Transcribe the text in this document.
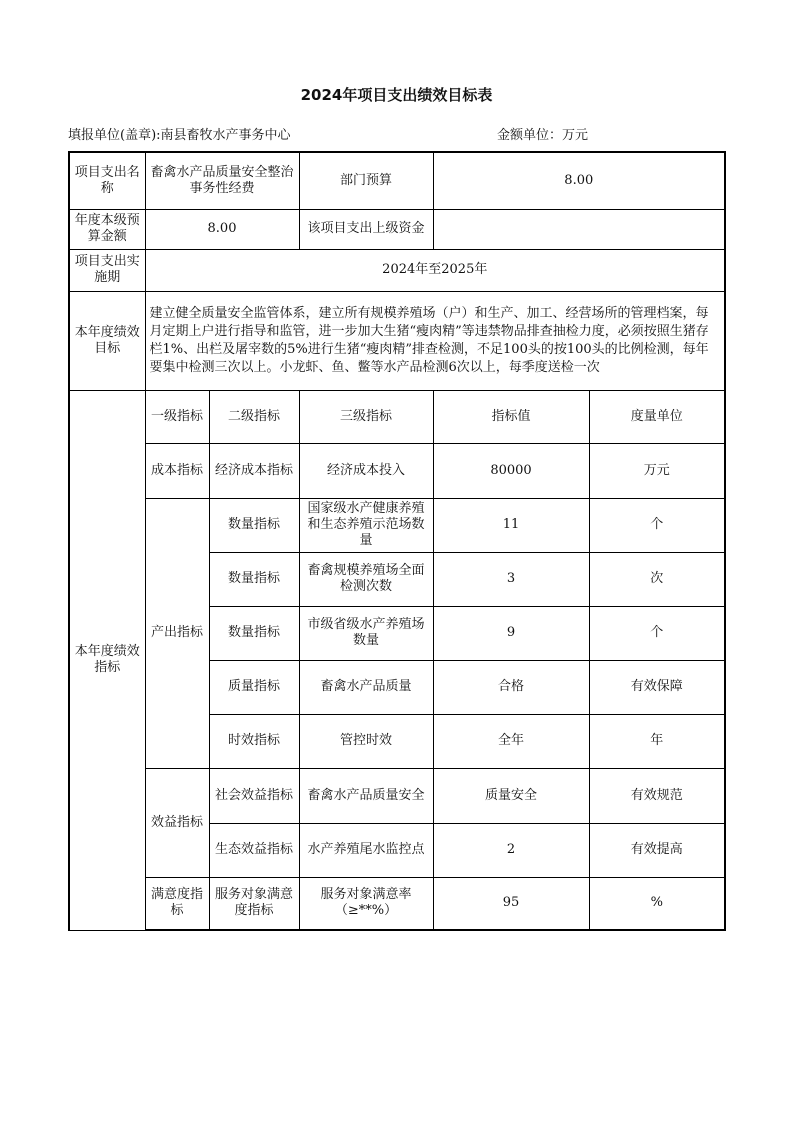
2024年项目支出绩效目标表
填报单位(盖章):南县畜牧水产事务中心	金额单位：万元
项目支出名称	畜禽水产品质量安全整治事务性经费		部门预算	8.00	
年度本级预算金额	8.00		该项目支出上级资金		
项目支出实施期	2024年至2025年				
本年度绩效目标	建立健全质量安全监管体系，建立所有规模养殖场（户）和生产、加工、经营场所的管理档案，每月定期上户进行指导和监管，进一步加大生猪“瘦肉精”等违禁物品排查抽检力度，必须按照生猪存栏1%、出栏及屠宰数的5%进行生猪“瘦肉精”排查检测，不足100头的按100头的比例检测，每年要集中检测三次以上。小龙虾、鱼、鳖等水产品检测6次以上，每季度送检一次				
本年度绩效指标	一级指标	二级指标	三级指标	指标值	度量单位
	成本指标	经济成本指标	经济成本投入	80000	万元
	产出指标	数量指标	国家级水产健康养殖和生态养殖示范场数量	11	个
		数量指标	畜禽规模养殖场全面检测次数	3	次
		数量指标	市级省级水产养殖场数量	9	个
		质量指标	畜禽水产品质量	合格	有效保障
		时效指标	管控时效	全年	年
	效益指标	社会效益指标	畜禽水产品质量安全	质量安全	有效规范
		生态效益指标	水产养殖尾水监控点	2	有效提高
	满意度指标	服务对象满意度指标	服务对象满意率（≥**%）	95	%
